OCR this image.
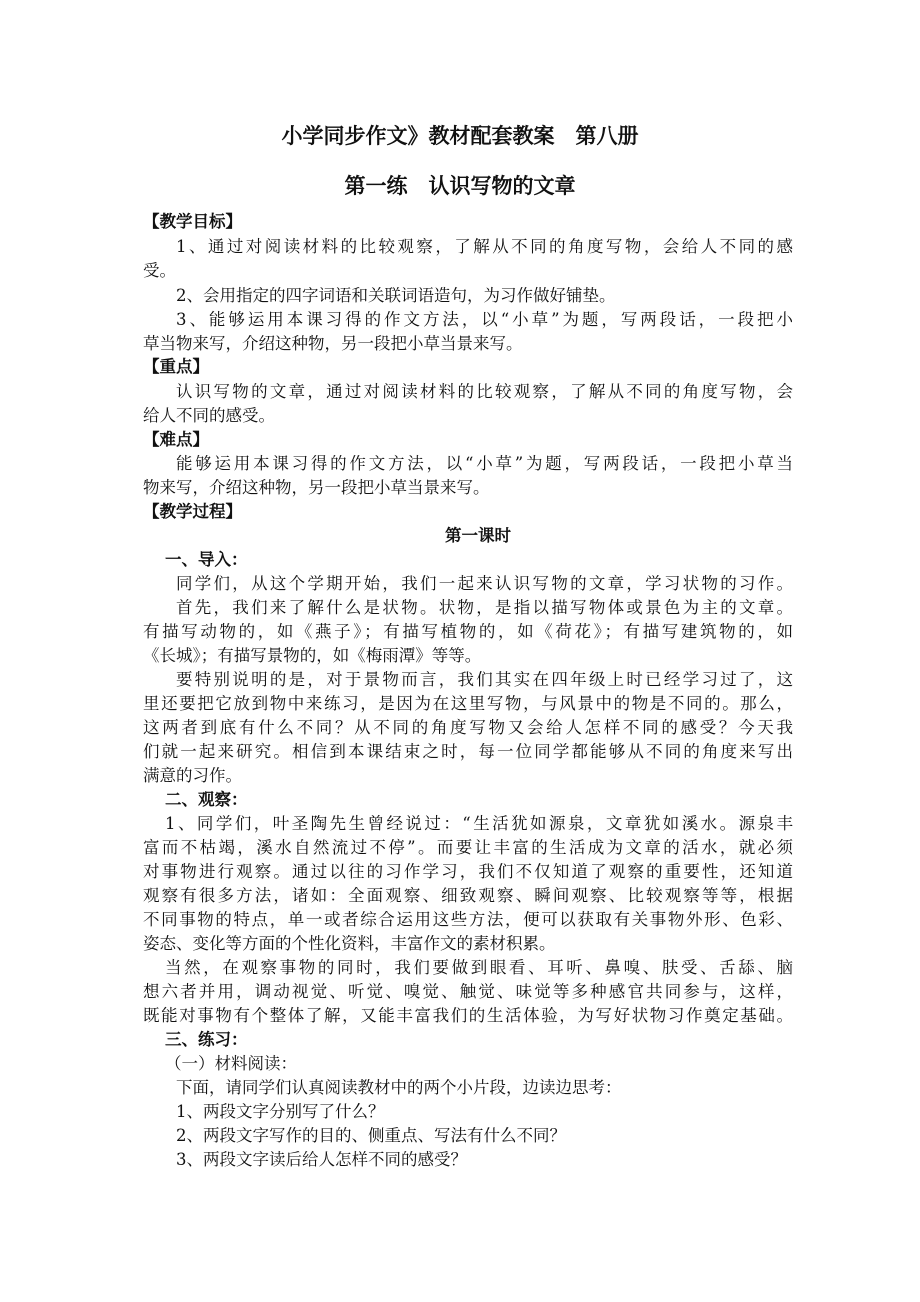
小学同步作文》教材配套教案　第八册
第一练　认识写物的文章
【教学目标】
1、通过对阅读材料的比较观察，了解从不同的角度写物，会给人不同的感
受。
2、会用指定的四字词语和关联词语造句，为习作做好铺垫。
3、能够运用本课习得的作文方法，以“小草”为题，写两段话，一段把小
草当物来写，介绍这种物，另一段把小草当景来写。
【重点】
认识写物的文章，通过对阅读材料的比较观察，了解从不同的角度写物，会
给人不同的感受。
【难点】
能够运用本课习得的作文方法，以“小草”为题，写两段话，一段把小草当
物来写，介绍这种物，另一段把小草当景来写。
【教学过程】
第一课时
一、导入：
同学们，从这个学期开始，我们一起来认识写物的文章，学习状物的习作。
首先，我们来了解什么是状物。状物，是指以描写物体或景色为主的文章。
有描写动物的，如《燕子》；有描写植物的，如《荷花》；有描写建筑物的，如
《长城》；有描写景物的，如《梅雨潭》等等。
要特别说明的是，对于景物而言，我们其实在四年级上时已经学习过了，这
里还要把它放到物中来练习，是因为在这里写物，与风景中的物是不同的。那么，
这两者到底有什么不同？从不同的角度写物又会给人怎样不同的感受？今天我
们就一起来研究。相信到本课结束之时，每一位同学都能够从不同的角度来写出
满意的习作。
二、观察：
1、同学们，叶圣陶先生曾经说过：“生活犹如源泉，文章犹如溪水。源泉丰
富而不枯竭，溪水自然流过不停”。而要让丰富的生活成为文章的活水，就必须
对事物进行观察。通过以往的习作学习，我们不仅知道了观察的重要性，还知道
观察有很多方法，诸如：全面观察、细致观察、瞬间观察、比较观察等等，根据
不同事物的特点，单一或者综合运用这些方法，便可以获取有关事物外形、色彩、
姿态、变化等方面的个性化资料，丰富作文的素材积累。
当然，在观察事物的同时，我们要做到眼看、耳听、鼻嗅、肤受、舌舔、脑
想六者并用，调动视觉、听觉、嗅觉、触觉、味觉等多种感官共同参与，这样，
既能对事物有个整体了解，又能丰富我们的生活体验，为写好状物习作奠定基础。
三、练习：
（一）材料阅读：
下面，请同学们认真阅读教材中的两个小片段，边读边思考：
1、两段文字分别写了什么？
2、两段文字写作的目的、侧重点、写法有什么不同？
3、两段文字读后给人怎样不同的感受？
